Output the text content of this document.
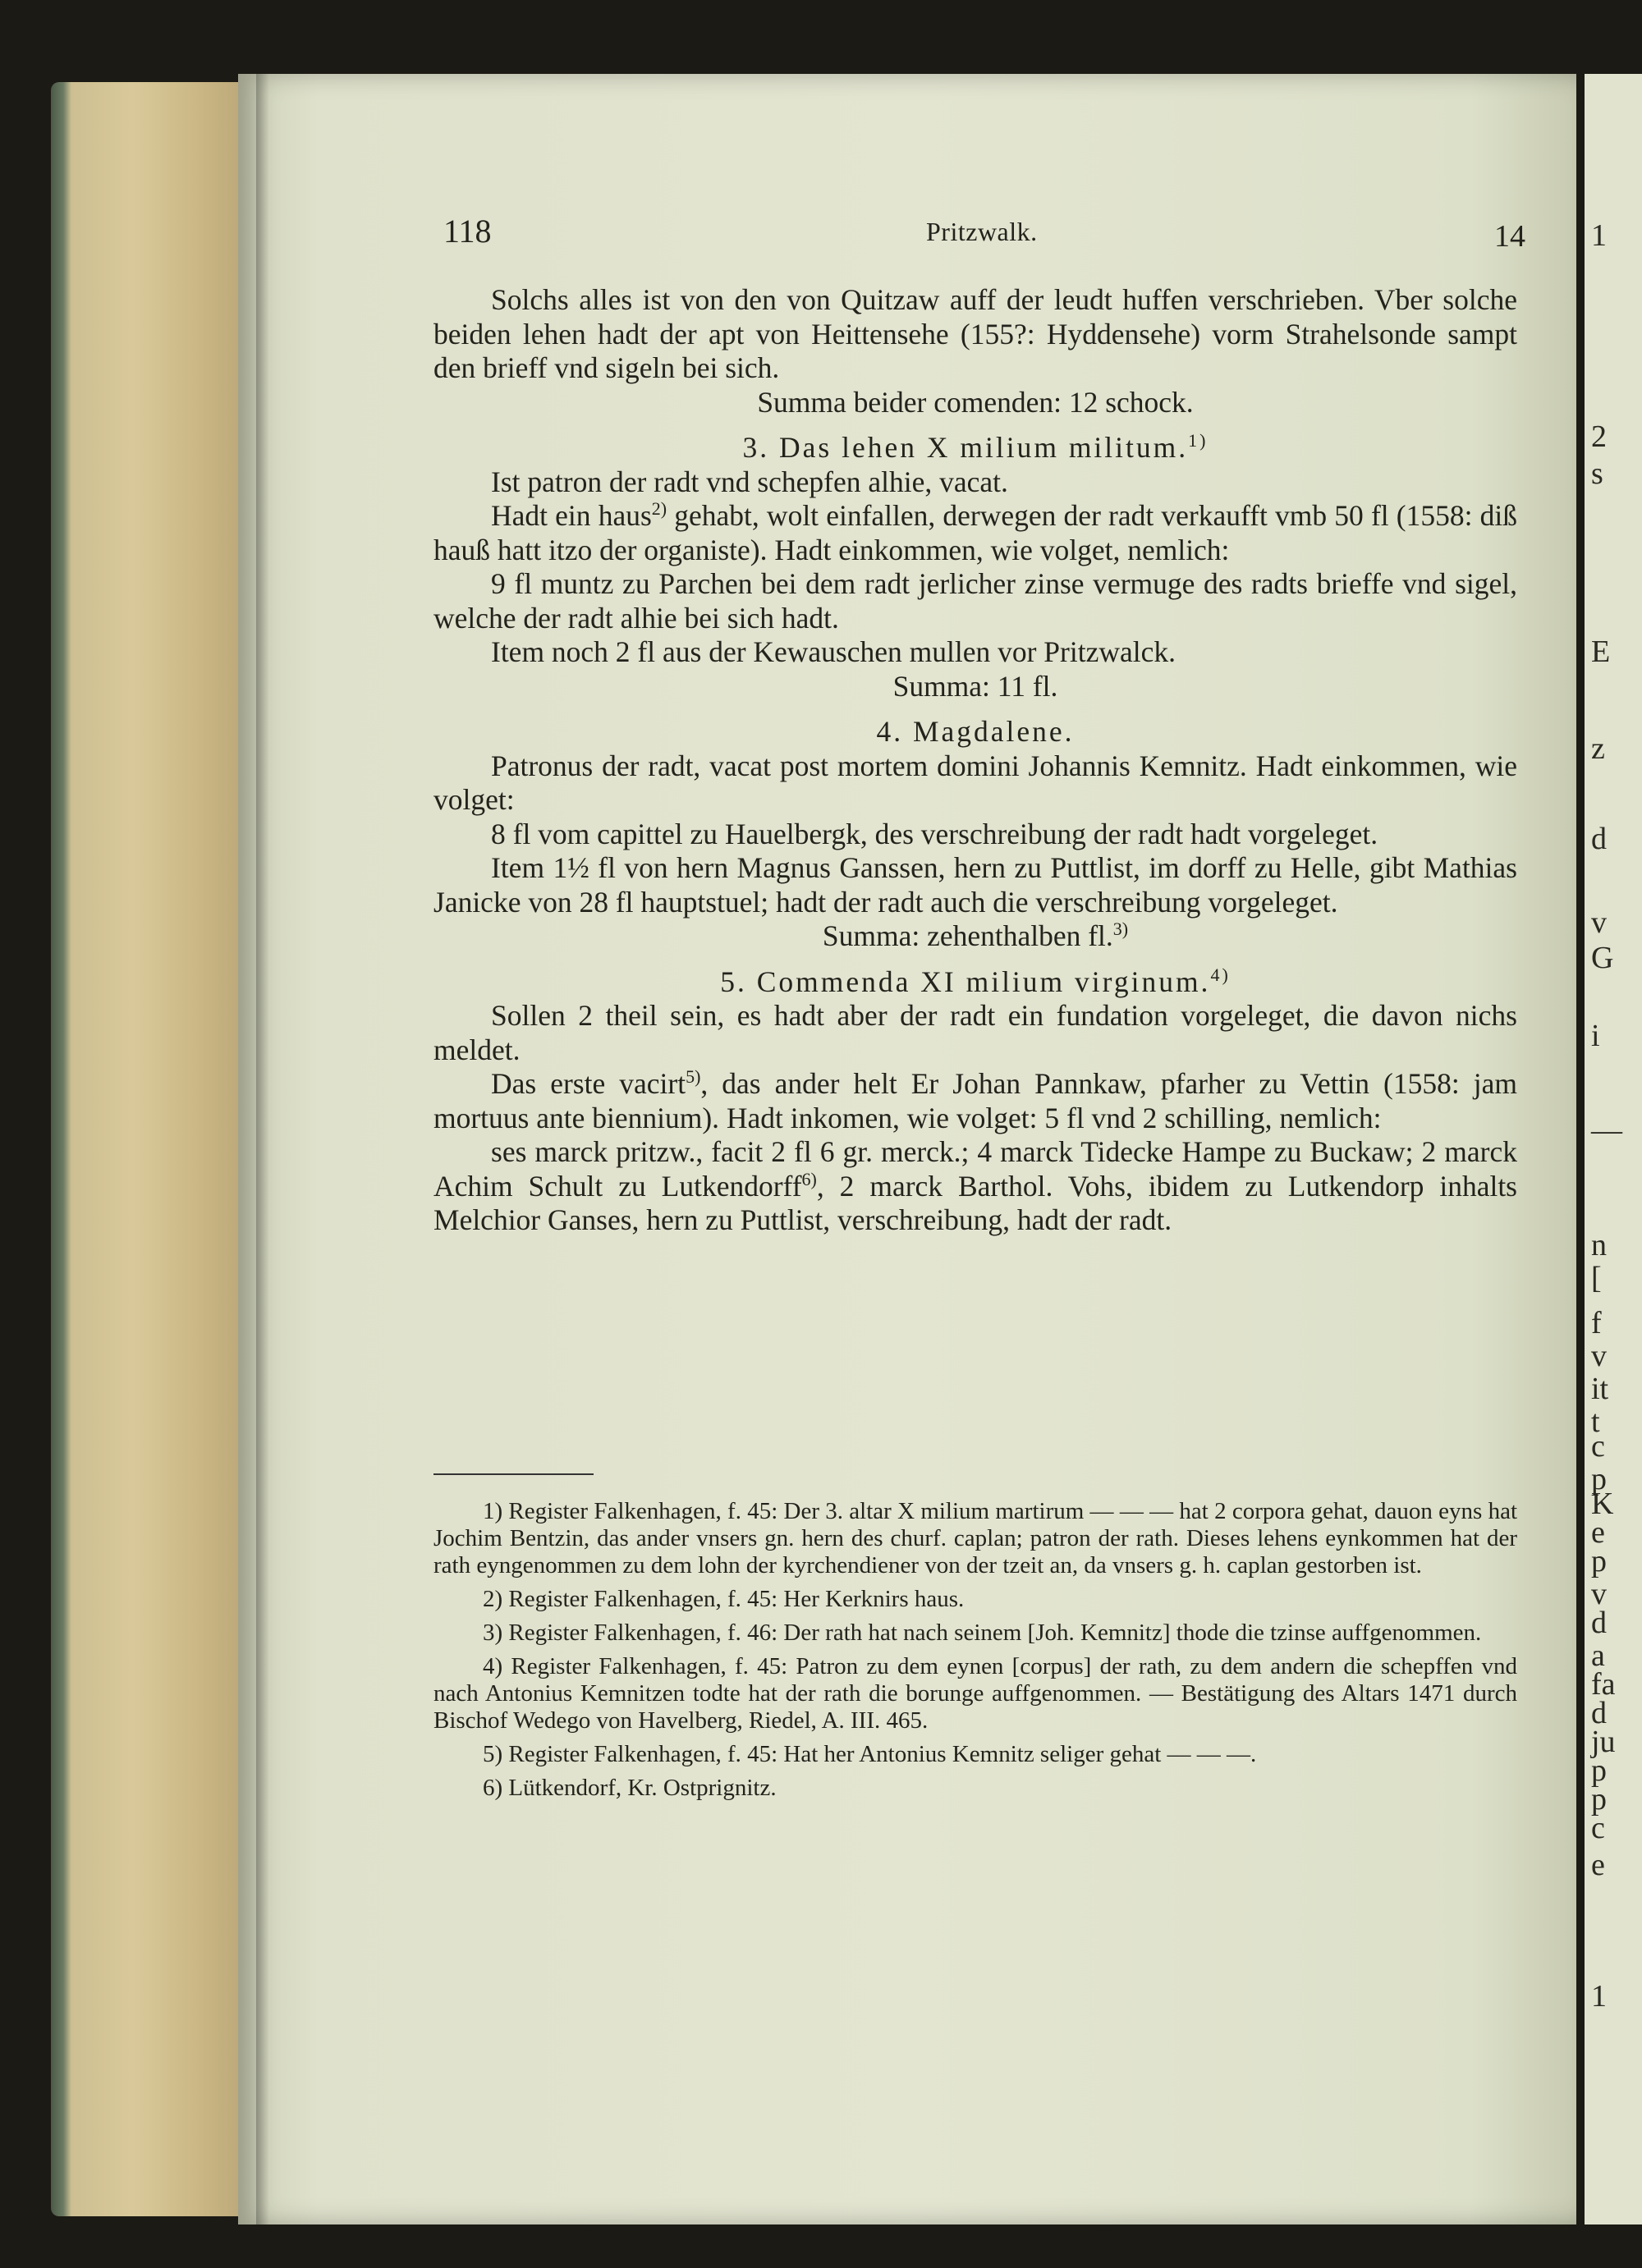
1
2
s
E
z
d
v
G
i
—
n
[
f
v
it
t
c
p
K
e
p
v
d
a
fa
d
ju
p
p
c
e
1
118	Pritzwalk.	14

Solchs alles ist von den von Quitzaw auff der leudt huffen verschrieben. Vber solche beiden lehen hadt der apt von Heittensehe (155?: Hyddensehe) vorm Strahelsonde sampt den brieff vnd sigeln bei sich.

Summa beider comenden: 12 schock.

3. Das lehen X milium militum.$^{1)}$

Ist patron der radt vnd schepfen alhie, vacat.

Hadt ein haus$^{2)}$ gehabt, wolt einfallen, derwegen der radt verkaufft vmb 50 fl (1558: diß hauß hatt itzo der organiste). Hadt einkommen, wie volget, nemlich:

9 fl muntz zu Parchen bei dem radt jerlicher zinse vermuge des radts brieffe vnd sigel, welche der radt alhie bei sich hadt.

Item noch 2 fl aus der Kewauschen mullen vor Pritzwalck.

Summa: 11 fl.

4. Magdalene.

Patronus der radt, vacat post mortem domini Johannis Kemnitz. Hadt einkommen, wie volget:

8 fl vom capittel zu Hauelbergk, des verschreibung der radt hadt vorgeleget.

Item 1½ fl von hern Magnus Ganssen, hern zu Puttlist, im dorff zu Helle, gibt Mathias Janicke von 28 fl hauptstuel; hadt der radt auch die verschreibung vorgeleget.

Summa: zehenthalben fl.$^{3)}$

5. Commenda XI milium virginum.$^{4)}$

Sollen 2 theil sein, es hadt aber der radt ein fundation vorgeleget, die davon nichs meldet.

Das erste vacirt$^{5)}$, das ander helt Er Johan Pannkaw, pfarher zu Vettin (1558: jam mortuus ante biennium). Hadt inkomen, wie volget: 5 fl vnd 2 schilling, nemlich:

ses marck pritzw., facit 2 fl 6 gr. merck.; 4 marck Tidecke Hampe zu Buckaw; 2 marck Achim Schult zu Lutkendorff$^{6)}$, 2 marck Barthol. Vohs, ibidem zu Lutkendorp inhalts Melchior Ganses, hern zu Puttlist, verschreibung, hadt der radt.

1) Register Falkenhagen, f. 45: Der 3. altar X milium martirum — — — hat 2 corpora gehat, dauon eyns hat Jochim Bentzin, das ander vnsers gn. hern des churf. caplan; patron der rath. Dieses lehens eynkommen hat der rath eyngenommen zu dem lohn der kyrchendiener von der tzeit an, da vnsers g. h. caplan gestorben ist.

2) Register Falkenhagen, f. 45: Her Kerknirs haus.

3) Register Falkenhagen, f. 46: Der rath hat nach seinem [Joh. Kemnitz] thode die tzinse auffgenommen.

4) Register Falkenhagen, f. 45: Patron zu dem eynen [corpus] der rath, zu dem andern die schepffen vnd nach Antonius Kemnitzen todte hat der rath die borunge auffgenommen. — Bestätigung des Altars 1471 durch Bischof Wedego von Havelberg, Riedel, A. III. 465.

5) Register Falkenhagen, f. 45: Hat her Antonius Kemnitz seliger gehat — — —.

6) Lütkendorf, Kr. Ostprignitz.
